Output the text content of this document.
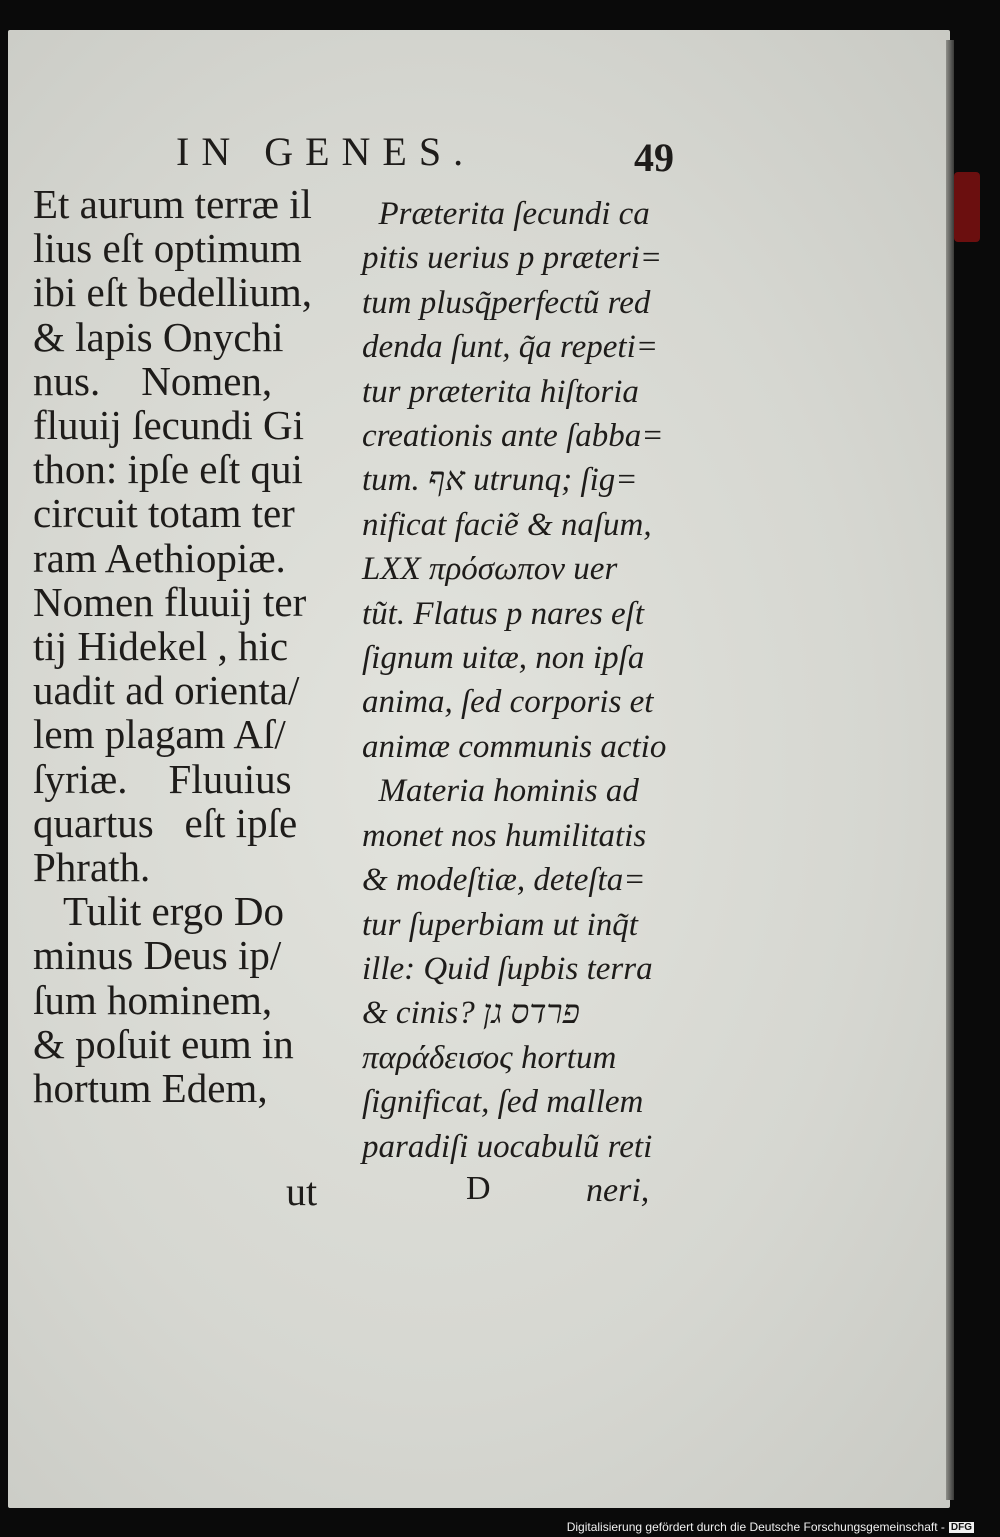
IN GENES.	49
Et aurum terræ il
lius eſt optimum
ibi eſt bedellium,
& lapis Onychi
nus.    Nomen,
fluuij ſecundi Gi
thon: ipſe eſt qui
circuit totam ter
ram Aethiopiæ.
Nomen fluuij ter
tij Hidekel , hic
uadit ad orienta/
lem plagam Aſ/
ſyriæ.    Fluuius
quartus   eſt ipſe
Phrath.
Tulit ergo Do
minus Deus ip/
ſum hominem,
& poſuit eum in
hortum Edem,
Præterita ſecundi ca
pitis uerius p præteri=
tum plusq̃perfectũ red
denda ſunt, q̃a repeti=
tur præterita hiſtoria
creationis ante ſabba=
tum. אף utrunq; ſig=
nificat faciẽ & naſum,
LXX πρόσωπον uer
tũt. Flatus p nares eſt
ſignum uitæ, non ipſa
anima, ſed corporis et
animæ communis actio
Materia hominis ad
monet nos humilitatis
& modeſtiæ, deteſta=
tur ſuperbiam ut inq̃t
ille: Quid ſupbis terra
& cinis? פרדס גן
παράδεισος hortum
ſignificat, ſed mallem
paradiſi uocabulũ reti
ut	D	neri,
Digitalisierung gefördert durch die Deutsche Forschungsgemeinschaft - DFG
